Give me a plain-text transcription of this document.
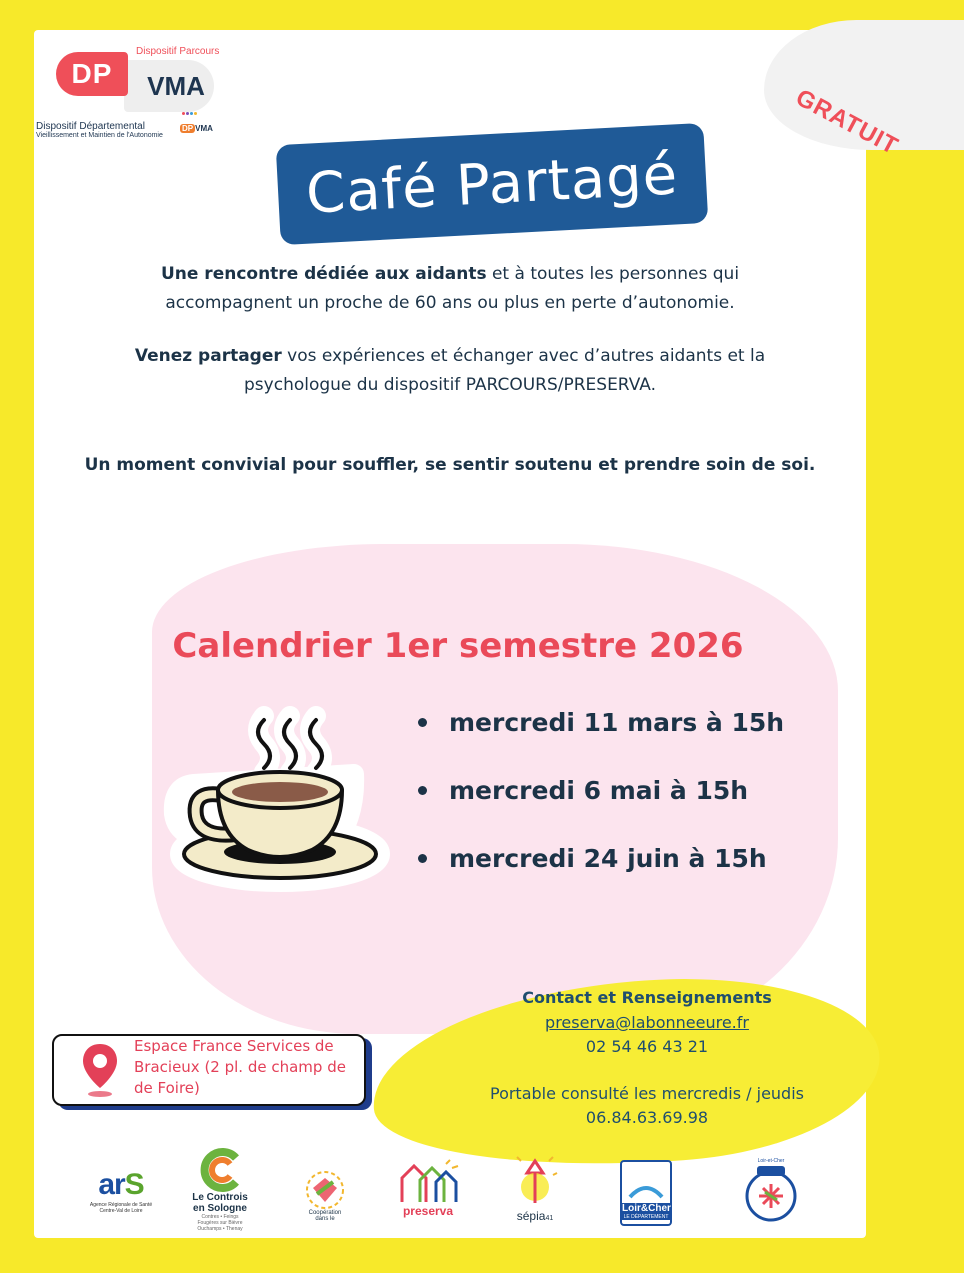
Dispositif Parcours
VMA
DP
Dispositif Départemental
Vieillissement et Maintien de l'Autonomie
DP VMA	GRATUIT
Café Partagé
Une rencontre dédiée aux aidants et à toutes les personnes qui
accompagnent un proche de 60 ans ou plus en perte d’autonomie.
Venez partager vos expériences et échanger avec d’autres aidants et la
psychologue du dispositif PARCOURS/PRESERVA.
Un moment convivial pour souffler, se sentir soutenu et prendre soin de soi.
Calendrier 1er semestre 2026
mercredi 11 mars à 15h
mercredi 6 mai à 15h
mercredi 24 juin à 15h
Contact et Renseignements
preserva@labonneeure.fr
02 54 46 43 21
Portable consulté les mercredis / jeudis
06.84.63.69.98
Espace France Services de
Bracieux (2 pl. de champ de
de Foire)
arS
Agence Régionale de Santé
Centre-Val de Loire
Le Controis
en Sologne
Contres • Feings
Fougères sur Bièvre
Ouchamps • Thenay
Coopération
dans le
preserva	sépia41
Loir&Cher
LE DÉPARTEMENT
Loir-et-Cher
